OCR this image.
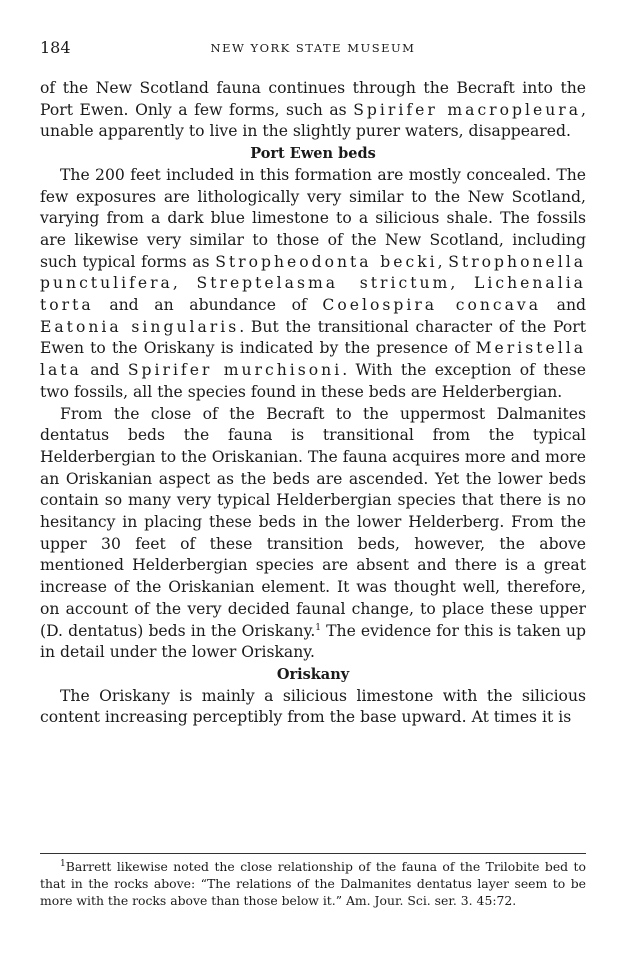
184	NEW YORK STATE MUSEUM

of the New Scotland fauna continues through the Becraft into the Port Ewen. Only a few forms, such as Spirifer macropleura, unable apparently to live in the slightly purer waters, disappeared.

Port Ewen beds

The 200 feet included in this formation are mostly concealed. The few exposures are lithologically very similar to the New Scotland, varying from a dark blue limestone to a silicious shale. The fossils are likewise very similar to those of the New Scotland, including such typical forms as Stropheodonta becki, Strophonella punctulifera, Streptelasma strictum, Lichenalia torta and an abundance of Coelospira concava and Eatonia singularis. But the transitional character of the Port Ewen to the Oriskany is indicated by the presence of Meristella lata and Spirifer murchisoni. With the exception of these two fossils, all the species found in these beds are Helderbergian.

From the close of the Becraft to the uppermost Dalmanites dentatus beds the fauna is transitional from the typical Helderbergian to the Oriskanian. The fauna acquires more and more an Oriskanian aspect as the beds are ascended. Yet the lower beds contain so many very typical Helderbergian species that there is no hesitancy in placing these beds in the lower Helderberg. From the upper 30 feet of these transition beds, however, the above mentioned Helderbergian species are absent and there is a great increase of the Oriskanian element. It was thought well, therefore, on account of the very decided faunal change, to place these upper (D. dentatus) beds in the Oriskany.$^1$ The evidence for this is taken up in detail under the lower Oriskany.

Oriskany

The Oriskany is mainly a silicious limestone with the silicious content increasing perceptibly from the base upward. At times it is

$^1$Barrett likewise noted the close relationship of the fauna of the Trilobite bed to that in the rocks above: “The relations of the Dalmanites dentatus layer seem to be more with the rocks above than those below it.” Am. Jour. Sci. ser. 3. 45:72.
